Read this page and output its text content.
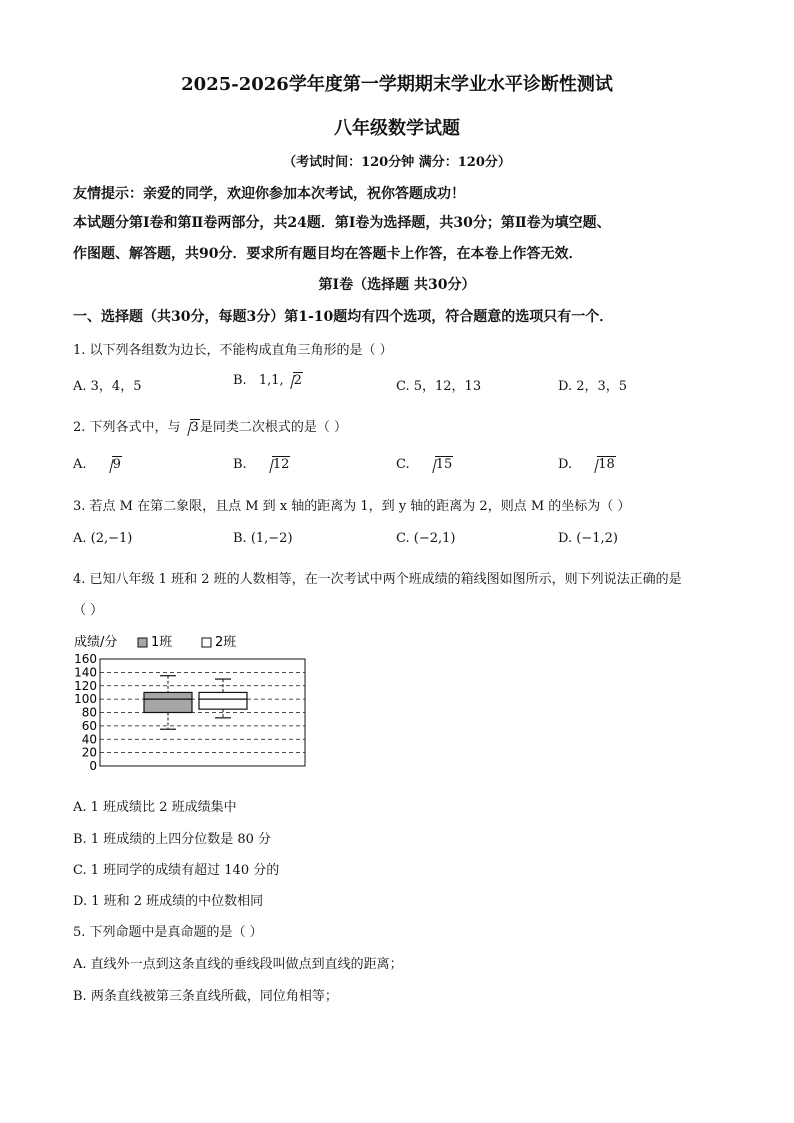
2025-2026学年度第一学期期末学业水平诊断性测试
八年级数学试题
（考试时间：120分钟 满分：120分）
友情提示：亲爱的同学，欢迎你参加本次考试，祝你答题成功！
本试题分第Ⅰ卷和第Ⅱ卷两部分，共24题．第Ⅰ卷为选择题，共30分；第Ⅱ卷为填空题、
作图题、解答题，共90分．要求所有题目均在答题卡上作答，在本卷上作答无效．
第Ⅰ卷（选择题 共30分）
一、选择题（共30分，每题3分）第1-10题均有四个选项，符合题意的选项只有一个．
1. 以下列各组数为边长，不能构成直角三角形的是（ ）
A. 3，4，5	B. 1,1, 2	C. 5，12，13	D. 2，3，5
2. 下列各式中，与 3是同类二次根式的是（ ）
A. 9	B. 12	C. 15	D. 18
3. 若点 M 在第二象限，且点 M 到 x 轴的距离为 1，到 y 轴的距离为 2，则点 M 的坐标为（ ）
A. (2,−1)	B. (1,−2)	C. (−2,1)	D. (−1,2)
4. 已知八年级 1 班和 2 班的人数相等，在一次考试中两个班成绩的箱线图如图所示，则下列说法正确的是
（ ）
成绩/分	1班	2班
0
20
40
60
80
100
120
140
160
A. 1 班成绩比 2 班成绩集中
B. 1 班成绩的上四分位数是 80 分
C. 1 班同学的成绩有超过 140 分的
D. 1 班和 2 班成绩的中位数相同
5. 下列命题中是真命题的是（ ）
A. 直线外一点到这条直线的垂线段叫做点到直线的距离；
B. 两条直线被第三条直线所截，同位角相等；
